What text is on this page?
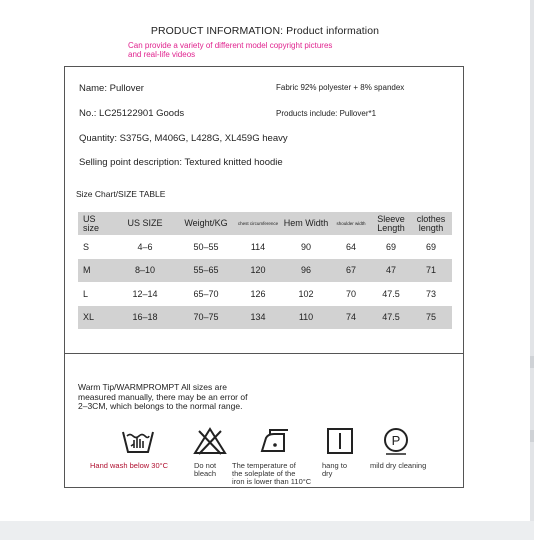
PRODUCT INFORMATION: Product information
Can provide a variety of different model copyright pictures
and real-life videos
Name: Pullover	Fabric 92% polyester + 8% spandex
No.: LC25122901 Goods	Products include: Pullover*1
Quantity: S375G, M406G, L428G, XL459G heavy
Selling point description: Textured knitted hoodie
Size Chart/SIZE TABLE
US size	US SIZE	Weight/KG	chest circumference	Hem Width	shoulder width	Sleeve Length	clothes length
S	4–6	50–55	114	90	64	69	69
M	8–10	55–65	120	96	67	47	71
L	12–14	65–70	126	102	70	47.5	73
XL	16–18	70–75	134	110	74	47.5	75
Warm Tip/WARMPROMPT All sizes are
measured manually, there may be an error of
2–3CM, which belongs to the normal range.
P
Hand wash below 30°C	Do not
bleach
The temperature of
the soleplate of the
iron is lower than 110°C
hang to
dry
mild dry cleaning
